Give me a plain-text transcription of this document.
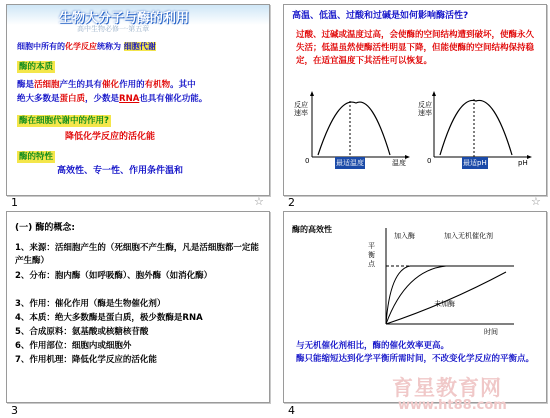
生物大分子与酶的利用
高中生物必修一·第五章
细胞中所有的化学反应统称为 细胞代谢
酶的本质
酶是活细胞产生的具有催化作用的有机物。其中
绝大多数是蛋白质，少数是RNA也具有催化功能。
酶在细胞代谢中的作用?
降低化学反应的活化能
酶的特性
高效性、专一性、作用条件温和
1	☆
高温、低温、过酸和过碱是如何影响酶活性?
过酸、过碱或温度过高，会使酶的空间结构遭到破坏，使酶永久失活；低温虽然使酶活性明显下降，但能使酶的空间结构保持稳定，在适宜温度下其活性可以恢复。
反应速率
0	最适温度	温度
反应速率
0	最适pH	pH
2	☆
(一) 酶的概念:
1、来源：活细胞产生的（死细胞不产生酶，凡是活细胞都一定能产生酶）
2、分布：胞内酶（如呼吸酶）、胞外酶（如消化酶）
3、作用：催化作用（酶是生物催化剂）
4、本质：绝大多数酶是蛋白质，极少数酶是RNA
5、合成原料：氨基酸或核糖核苷酸
6、作用部位：细胞内或细胞外
7、作用机理：降低化学反应的活化能
3
酶的高效性
平衡点
加入酶	加入无机催化剂
未加酶
时间
与无机催化剂相比，酶的催化效率更高。
酶只能缩短达到化学平衡所需时间，不改变化学反应的平衡点。
4
育星教育网
www.ht88.com
